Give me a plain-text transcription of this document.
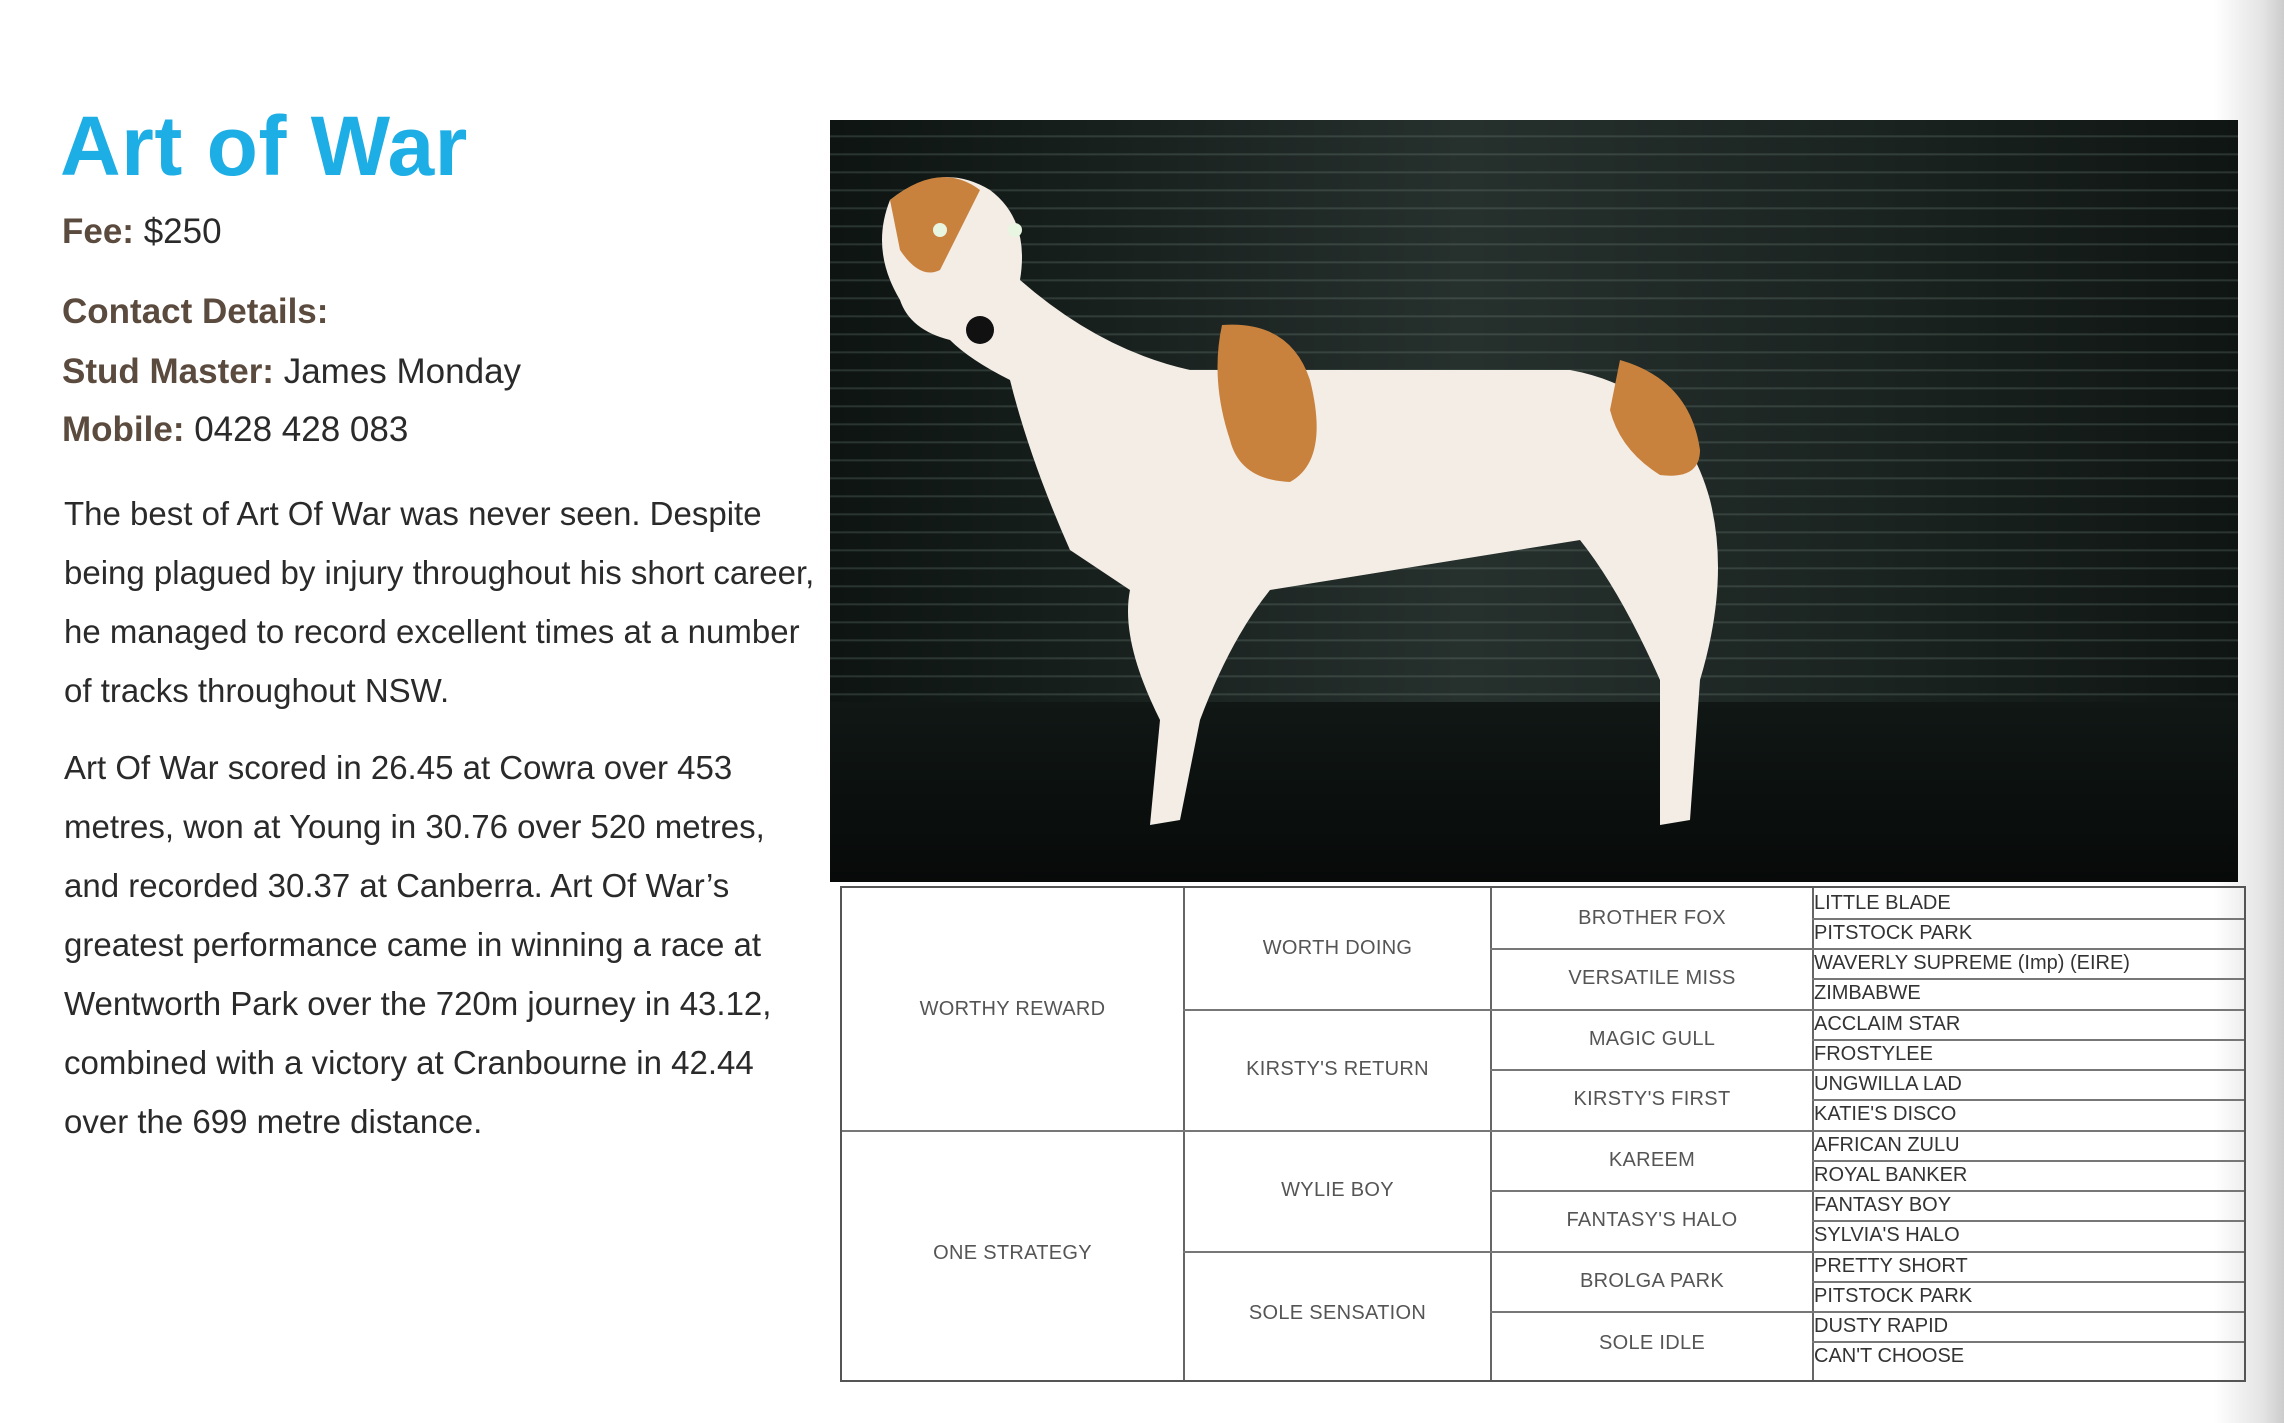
Art of War
Fee: $250
Contact Details:
Stud Master: James Monday
Mobile: 0428 428 083

The best of Art Of War was never seen. Despite being plagued by injury throughout his short career, he managed to record excellent times at a number of tracks throughout NSW.

Art Of War scored in 26.45 at Cowra over 453 metres, won at Young in 30.76 over 520 metres, and recorded 30.37 at Canberra. Art Of War’s greatest performance came in winning a race at Wentworth Park over the 720m journey in 43.12, combined with a victory at Cranbourne in 42.44 over the 699 metre distance.

WORTHY REWARD
ONE STRATEGY
WORTH DOING
KIRSTY'S RETURN
WYLIE BOY
SOLE SENSATION
BROTHER FOX
VERSATILE MISS
MAGIC GULL
KIRSTY'S FIRST
KAREEM
FANTASY'S HALO
BROLGA PARK
SOLE IDLE
LITTLE BLADE
PITSTOCK PARK
WAVERLY SUPREME (Imp) (EIRE)
ZIMBABWE
ACCLAIM STAR
FROSTYLEE
UNGWILLA LAD
KATIE'S DISCO
AFRICAN ZULU
ROYAL BANKER
FANTASY BOY
SYLVIA'S HALO
PRETTY SHORT
PITSTOCK PARK
DUSTY RAPID
CAN'T CHOOSE
